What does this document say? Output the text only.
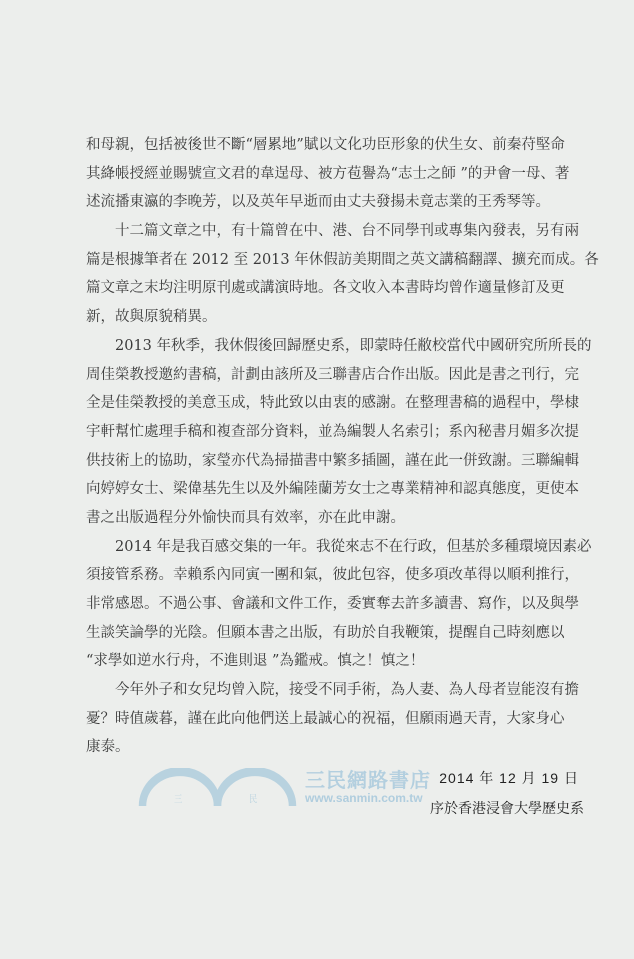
和母親，包括被後世不斷“層累地”賦以文化功臣形象的伏生女、前秦苻堅命
其絳帳授經並賜號宣文君的韋逞母、被方苞譽為“志士之師 ”的尹會一母、著
述流播東瀛的李晚芳，以及英年早逝而由丈夫發揚未竟志業的王秀琴等。
十二篇文章之中，有十篇曾在中、港、台不同學刊或專集內發表，另有兩
篇是根據筆者在 2012 至 2013 年休假訪美期間之英文講稿翻譯、擴充而成。各
篇文章之末均注明原刊處或講演時地。各文收入本書時均曾作適量修訂及更
新，故與原貌稍異。
2013 年秋季，我休假後回歸歷史系，即蒙時任敝校當代中國研究所所長的
周佳榮教授邀約書稿，計劃由該所及三聯書店合作出版。因此是書之刊行，完
全是佳榮教授的美意玉成，特此致以由衷的感謝。在整理書稿的過程中，學棣
宇軒幫忙處理手稿和複查部分資料，並為編製人名索引；系內秘書月媚多次提
供技術上的協助，家瑩亦代為掃描書中繁多插圖，謹在此一併致謝。三聯編輯
向婷婷女士、梁偉基先生以及外編陸蘭芳女士之專業精神和認真態度，更使本
書之出版過程分外愉快而具有效率，亦在此申謝。
2014 年是我百感交集的一年。我從來志不在行政，但基於多種環境因素必
須接管系務。幸賴系內同寅一團和氣，彼此包容，使多項改革得以順利推行，
非常感恩。不過公事、會議和文件工作，委實奪去許多讀書、寫作，以及與學
生談笑論學的光陰。但願本書之出版，有助於自我鞭策，提醒自己時刻應以
“求學如逆水行舟，不進則退 ”為鑑戒。慎之！慎之！
今年外子和女兒均曾入院，接受不同手術，為人妻、為人母者豈能沒有擔
憂？時值歲暮，謹在此向他們送上最誠心的祝福，但願雨過天青，大家身心
康泰。
三	民
三民網路書店
www.sanmin.com.tw
2014 年 12 月 19 日
序於香港浸會大學歷史系
